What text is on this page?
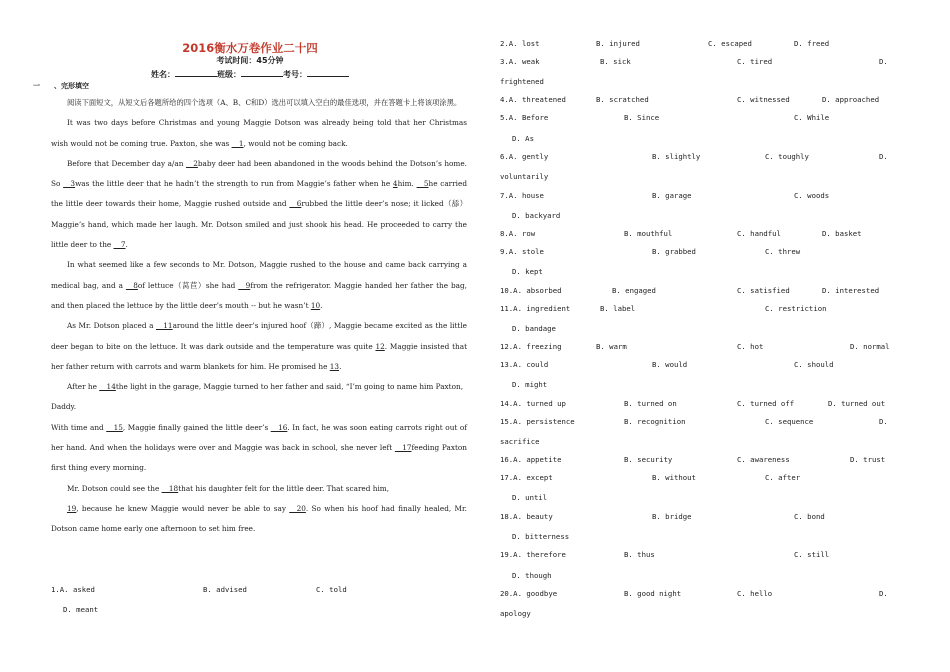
2016衡水万卷作业二十四
考试时间：45分钟
姓名：	班级：	考号：
一 、完形填空

阅读下面短文，从短文后各题所给的四个选项（A、B、C和D）选出可以填入空白的最佳选项，并在答题卡上将该项涂黑。

It was two days before Christmas and young Maggie Dotson was already being told that her Christmas wish would not be coming true. Paxton, she was __1, would not be coming back.

Before that December day a/an __2baby deer had been abandoned in the woods behind the Dotson’s home. So __3was the little deer that he hadn’t the strength to run from Maggie’s father when he 4him. __5he carried the little deer towards their home, Maggie rushed outside and __6rubbed the little deer’s nose; it licked（舔）Maggie’s hand, which made her laugh. Mr. Dotson smiled and just shook his head. He proceeded to carry the little deer to the __7.

In what seemed like a few seconds to Mr. Dotson, Maggie rushed to the house and came back carrying a medical bag, and a __8of lettuce（莴苣）she had __9from the refrigerator. Maggie handed her father the bag, and then placed the lettuce by the little deer’s mouth -- but he wasn’t 10.

As Mr. Dotson placed a __11around the little deer’s injured hoof（蹄）, Maggie became excited as the little deer began to bite on the lettuce. It was dark outside and the temperature was quite 12. Maggie insisted that her father return with carrots and warm blankets for him. He promised he 13.

After he __14the light in the garage, Maggie turned to her father and said, “I’m going to name him Paxton, Daddy.

With time and __15, Maggie finally gained the little deer’s __16. In fact, he was soon eating carrots right out of her hand. And when the holidays were over and Maggie was back in school, she never left __17feeding Paxton first thing every morning.

Mr. Dotson could see the __18that his daughter felt for the little deer. That scared him,

19, because he knew Maggie would never be able to say __20. So when his hoof had finally healed, Mr. Dotson came home early one afternoon to set him free.

1.A. asked	B. advised	C. told
D. meant
2.A. lost	B. injured	C. escaped	D. freed
3.A. weak	B. sick	C. tired	D.
frightened
4.A. threatened	B. scratched	C. witnessed	D. approached
5.A. Before	B. Since	C. While
D. As
6.A. gently	B. slightly	C. toughly	D.
voluntarily
7.A. house	B. garage	C. woods
D. backyard
8.A. row	B. mouthful	C. handful	D. basket
9.A. stole	B. grabbed	C. threw
D. kept
10.A. absorbed	B. engaged	C. satisfied	D. interested
11.A. ingredient	B. label	C. restriction
D. bandage
12.A. freezing	B. warm	C. hot	D. normal
13.A. could	B. would	C. should
D. might
14.A. turned up	B. turned on	C. turned off	D. turned out
15.A. persistence	B. recognition	C. sequence	D.
sacrifice
16.A. appetite	B. security	C. awareness	D. trust
17.A. except	B. without	C. after
D. until
18.A. beauty	B. bridge	C. bond
D. bitterness
19.A. therefore	B. thus	C. still
D. though
20.A. goodbye	B. good night	C. hello	D.
apology
